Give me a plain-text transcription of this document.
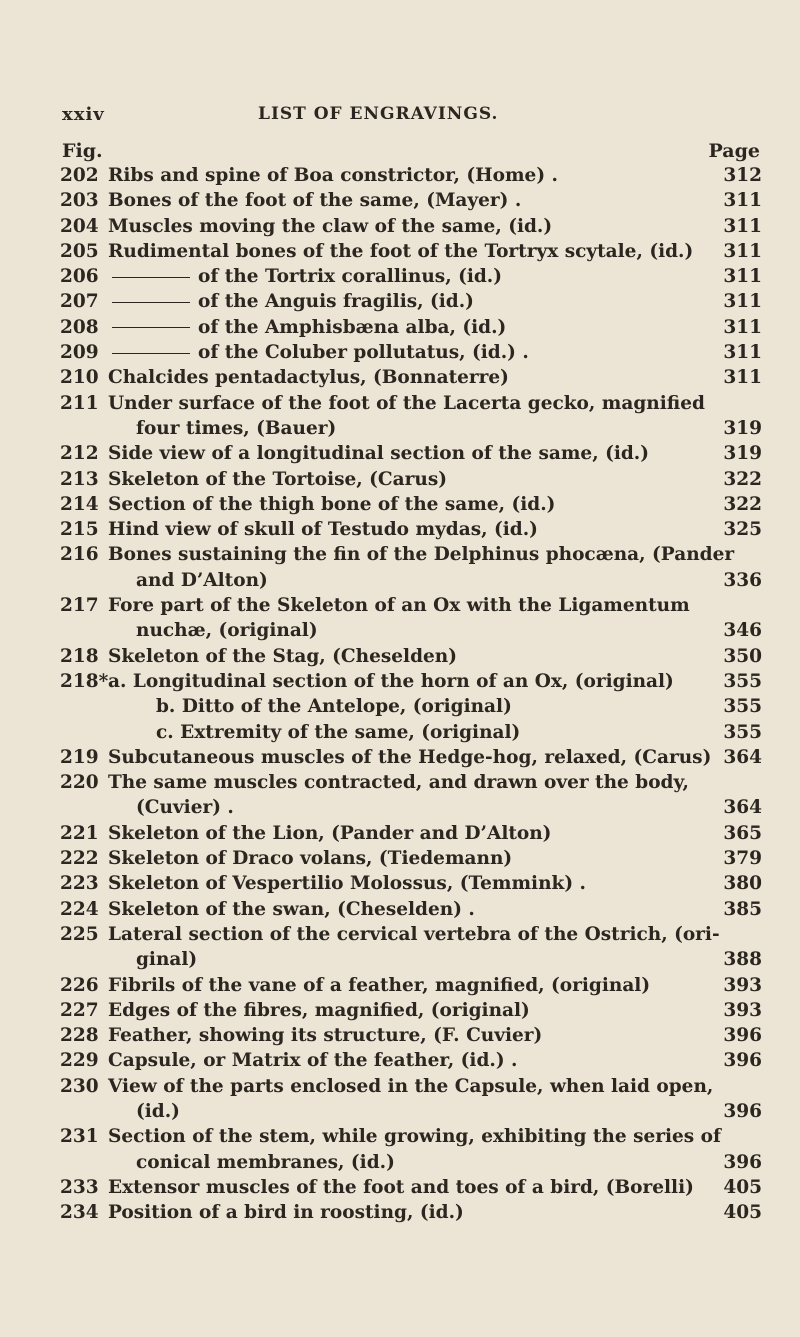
xxiv	LIST OF ENGRAVINGS.
Fig.	Page
202 Ribs and spine of Boa constrictor, (Home) .	312
203 Bones of the foot of the same, (Mayer) .	311
204 Muscles moving the claw of the same, (id.)	311
205 Rudimental bones of the foot of the Tortryx scytale, (id.) 311
206	of the Tortrix corallinus, (id.)	311
207	of the Anguis fragilis, (id.)	311
208	of the Amphisbæna alba, (id.)	311
209	of the Coluber pollutatus, (id.) .	311
210 Chalcides pentadactylus, (Bonnaterre)	311
211 Under surface of the foot of the Lacerta gecko, magnified
four times, (Bauer)	319
212 Side view of a longitudinal section of the same, (id.)	319
213 Skeleton of the Tortoise, (Carus)	322
214 Section of the thigh bone of the same, (id.)	322
215 Hind view of skull of Testudo mydas, (id.)	325
216 Bones sustaining the fin of the Delphinus phocæna, (Pander
and D’Alton)	336
217 Fore part of the Skeleton of an Ox with the Ligamentum
nuchæ, (original)	346
218 Skeleton of the Stag, (Cheselden)	350
218* a. Longitudinal section of the horn of an Ox, (original)	355
b. Ditto of the Antelope, (original)	355
c. Extremity of the same, (original)	355
219 Subcutaneous muscles of the Hedge-hog, relaxed, (Carus) 364
220 The same muscles contracted, and drawn over the body,
(Cuvier) .	364
221 Skeleton of the Lion, (Pander and D’Alton)	365
222 Skeleton of Draco volans, (Tiedemann)	379
223 Skeleton of Vespertilio Molossus, (Temmink) .	380
224 Skeleton of the swan, (Cheselden) .	385
225 Lateral section of the cervical vertebra of the Ostrich, (ori-
ginal)	388
226 Fibrils of the vane of a feather, magnified, (original)	393
227 Edges of the fibres, magnified, (original)	393
228 Feather, showing its structure, (F. Cuvier)	396
229 Capsule, or Matrix of the feather, (id.) .	396
230 View of the parts enclosed in the Capsule, when laid open,
(id.)	396
231 Section of the stem, while growing, exhibiting the series of
conical membranes, (id.)	396
233 Extensor muscles of the foot and toes of a bird, (Borelli) 405
234 Position of a bird in roosting, (id.)	405
